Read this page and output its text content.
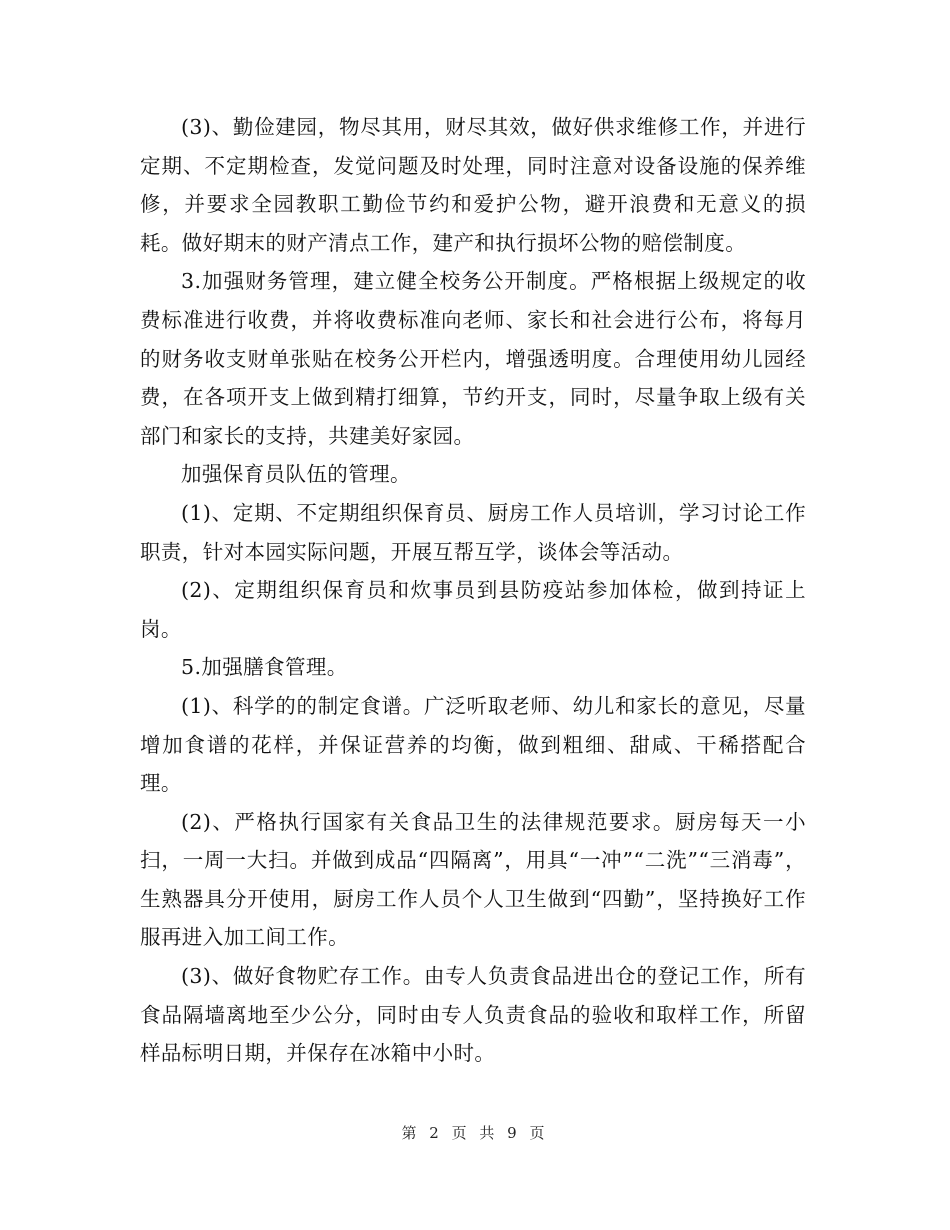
(3)、勤俭建园，物尽其用，财尽其效，做好供求维修工作，并进行定期、不定期检查，发觉问题及时处理，同时注意对设备设施的保养维修，并要求全园教职工勤俭节约和爱护公物，避开浪费和无意义的损耗。做好期末的财产清点工作，建产和执行损坏公物的赔偿制度。

3.加强财务管理，建立健全校务公开制度。严格根据上级规定的收费标准进行收费，并将收费标准向老师、家长和社会进行公布，将每月的财务收支财单张贴在校务公开栏内，增强透明度。合理使用幼儿园经费，在各项开支上做到精打细算，节约开支，同时，尽量争取上级有关部门和家长的支持，共建美好家园。

加强保育员队伍的管理。

(1)、定期、不定期组织保育员、厨房工作人员培训，学习讨论工作职责，针对本园实际问题，开展互帮互学，谈体会等活动。

(2)、定期组织保育员和炊事员到县防疫站参加体检，做到持证上岗。

5.加强膳食管理。

(1)、科学的的制定食谱。广泛听取老师、幼儿和家长的意见，尽量增加食谱的花样，并保证营养的均衡，做到粗细、甜咸、干稀搭配合理。

(2)、严格执行国家有关食品卫生的法律规范要求。厨房每天一小扫，一周一大扫。并做到成品“四隔离”，用具“一冲”“二洗”“三消毒”，生熟器具分开使用，厨房工作人员个人卫生做到“四勤”，坚持换好工作服再进入加工间工作。

(3)、做好食物贮存工作。由专人负责食品进出仓的登记工作，所有食品隔墙离地至少公分，同时由专人负责食品的验收和取样工作，所留样品标明日期，并保存在冰箱中小时。

第 2 页 共 9 页
